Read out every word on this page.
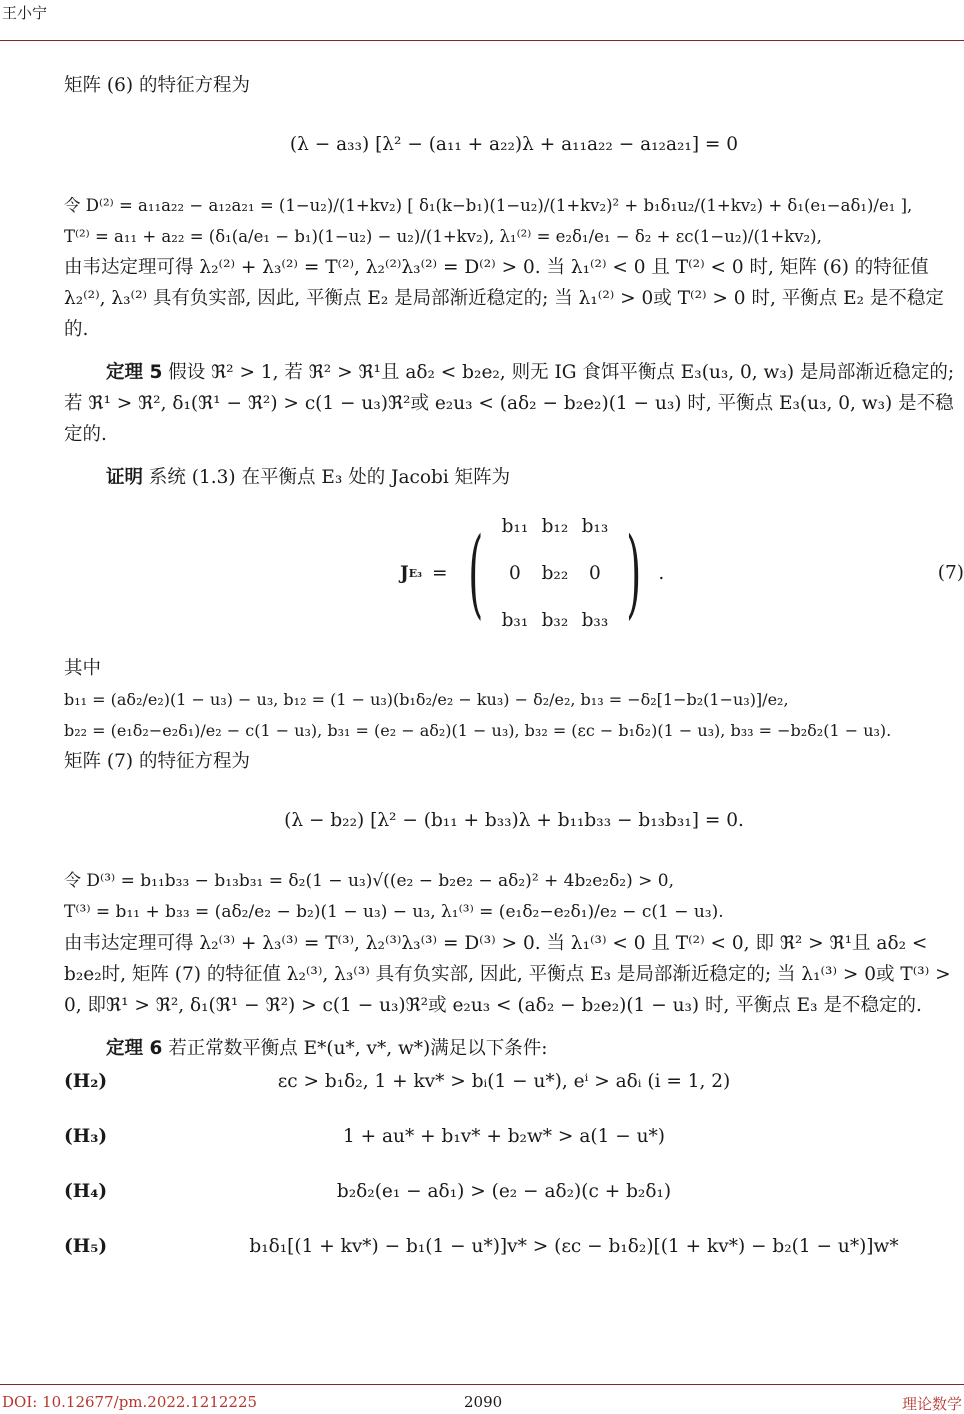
王小宁

矩阵 (6) 的特征方程为

(λ − a₃₃) [λ² − (a₁₁ + a₂₂)λ + a₁₁a₂₂ − a₁₂a₂₁] = 0

令 D⁽²⁾ = a₁₁a₂₂ − a₁₂a₂₁ = (1−u₂)/(1+kv₂) [ δ₁(k−b₁)(1−u₂)/(1+kv₂)² + b₁δ₁u₂/(1+kv₂) + δ₁(e₁−aδ₁)/e₁ ],

T⁽²⁾ = a₁₁ + a₂₂ = (δ₁(a/e₁ − b₁)(1−u₂) − u₂)/(1+kv₂), λ₁⁽²⁾ = e₂δ₁/e₁ − δ₂ + εc(1−u₂)/(1+kv₂),

由韦达定理可得 λ₂⁽²⁾ + λ₃⁽²⁾ = T⁽²⁾, λ₂⁽²⁾λ₃⁽²⁾ = D⁽²⁾ > 0. 当 λ₁⁽²⁾ < 0 且 T⁽²⁾ < 0 时, 矩阵 (6) 的特征值 λ₂⁽²⁾, λ₃⁽²⁾ 具有负实部, 因此, 平衡点 E₂ 是局部渐近稳定的; 当 λ₁⁽²⁾ > 0或 T⁽²⁾ > 0 时, 平衡点 E₂ 是不稳定的.

定理 5 假设 ℜ² > 1, 若 ℜ² > ℜ¹且 aδ₂ < b₂e₂, 则无 IG 食饵平衡点 E₃(u₃, 0, w₃) 是局部渐近稳定的; 若 ℜ¹ > ℜ², δ₁(ℜ¹ − ℜ²) > c(1 − u₃)ℜ²或 e₂u₃ < (aδ₂ − b₂e₂)(1 − u₃) 时, 平衡点 E₃(u₃, 0, w₃) 是不稳定的.

证明 系统 (1.3) 在平衡点 E₃ 处的 Jacobi 矩阵为

J E₃ = ( b₁₁ b₁₂ b₁₃
0	b₂₂	0
b₃₁ b₃₂ b₃₃ ) .	(7)

其中

b₁₁ = (aδ₂/e₂)(1 − u₃) − u₃, b₁₂ = (1 − u₃)(b₁δ₂/e₂ − ku₃) − δ₂/e₂, b₁₃ = −δ₂[1−b₂(1−u₃)]/e₂,

b₂₂ = (e₁δ₂−e₂δ₁)/e₂ − c(1 − u₃), b₃₁ = (e₂ − aδ₂)(1 − u₃), b₃₂ = (εc − b₁δ₂)(1 − u₃), b₃₃ = −b₂δ₂(1 − u₃).

矩阵 (7) 的特征方程为

(λ − b₂₂) [λ² − (b₁₁ + b₃₃)λ + b₁₁b₃₃ − b₁₃b₃₁] = 0.

令 D⁽³⁾ = b₁₁b₃₃ − b₁₃b₃₁ = δ₂(1 − u₃)√((e₂ − b₂e₂ − aδ₂)² + 4b₂e₂δ₂) > 0,

T⁽³⁾ = b₁₁ + b₃₃ = (aδ₂/e₂ − b₂)(1 − u₃) − u₃, λ₁⁽³⁾ = (e₁δ₂−e₂δ₁)/e₂ − c(1 − u₃).

由韦达定理可得 λ₂⁽³⁾ + λ₃⁽³⁾ = T⁽³⁾, λ₂⁽³⁾λ₃⁽³⁾ = D⁽³⁾ > 0. 当 λ₁⁽³⁾ < 0 且 T⁽²⁾ < 0, 即 ℜ² > ℜ¹且 aδ₂ < b₂e₂时, 矩阵 (7) 的特征值 λ₂⁽³⁾, λ₃⁽³⁾ 具有负实部, 因此, 平衡点 E₃ 是局部渐近稳定的; 当 λ₁⁽³⁾ > 0或 T⁽³⁾ > 0, 即ℜ¹ > ℜ², δ₁(ℜ¹ − ℜ²) > c(1 − u₃)ℜ²或 e₂u₃ < (aδ₂ − b₂e₂)(1 − u₃) 时, 平衡点 E₃ 是不稳定的.

定理 6 若正常数平衡点 E*(u*, v*, w*)满足以下条件:

(H₂)	εc > b₁δ₂, 1 + kv* > bᵢ(1 − u*), eⁱ > aδᵢ (i = 1, 2)
(H₃)	1 + au* + b₁v* + b₂w* > a(1 − u*)
(H₄)	b₂δ₂(e₁ − aδ₁) > (e₂ − aδ₂)(c + b₂δ₁)
(H₅)	b₁δ₁[(1 + kv*) − b₁(1 − u*)]v* > (εc − b₁δ₂)[(1 + kv*) − b₂(1 − u*)]w*
DOI: 10.12677/pm.2022.1212225	2090	理论数学
